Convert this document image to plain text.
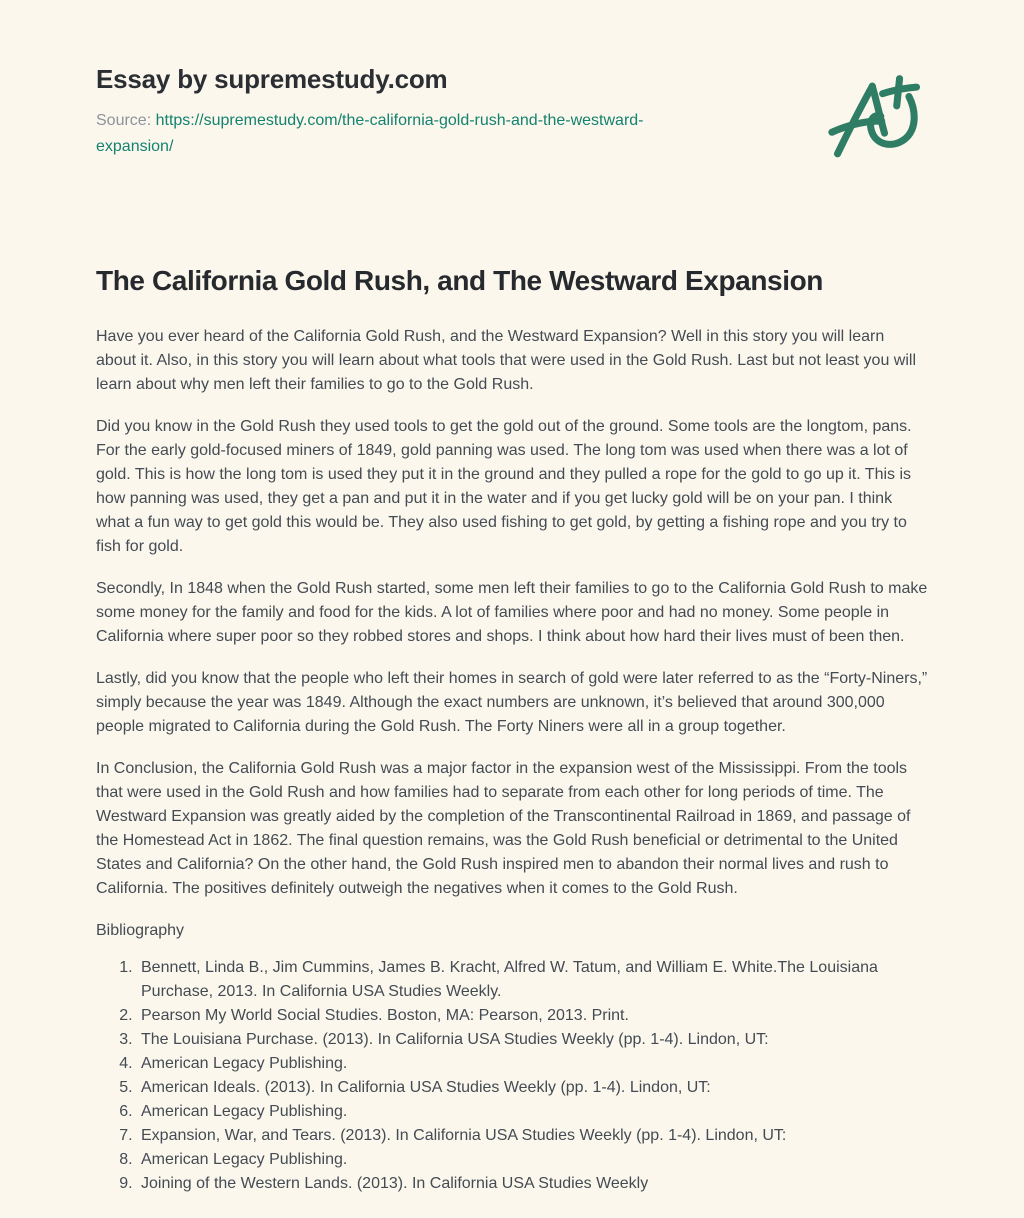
Essay by supremestudy.com
Source: https://supremestudy.com/the-california-gold-rush-and-the-westward-expansion/
The California Gold Rush, and The Westward Expansion

Have you ever heard of the California Gold Rush, and the Westward Expansion? Well in this story you will learn about it. Also, in this story you will learn about what tools that were used in the Gold Rush. Last but not least you will learn about why men left their families to go to the Gold Rush.

Did you know in the Gold Rush they used tools to get the gold out of the ground. Some tools are the longtom, pans. For the early gold-focused miners of 1849, gold panning was used. The long tom was used when there was a lot of gold. This is how the long tom is used they put it in the ground and they pulled a rope for the gold to go up it. This is how panning was used, they get a pan and put it in the water and if you get lucky gold will be on your pan. I think what a fun way to get gold this would be. They also used fishing to get gold, by getting a fishing rope and you try to fish for gold.

Secondly, In 1848 when the Gold Rush started, some men left their families to go to the California Gold Rush to make some money for the family and food for the kids. A lot of families where poor and had no money. Some people in California where super poor so they robbed stores and shops. I think about how hard their lives must of been then.

Lastly, did you know that the people who left their homes in search of gold were later referred to as the “Forty-Niners,” simply because the year was 1849. Although the exact numbers are unknown, it’s believed that around 300,000 people migrated to California during the Gold Rush. The Forty Niners were all in a group together.

In Conclusion, the California Gold Rush was a major factor in the expansion west of the Mississippi. From the tools that were used in the Gold Rush and how families had to separate from each other for long periods of time. The Westward Expansion was greatly aided by the completion of the Transcontinental Railroad in 1869, and passage of the Homestead Act in 1862. The final question remains, was the Gold Rush beneficial or detrimental to the United States and California? On the other hand, the Gold Rush inspired men to abandon their normal lives and rush to California. The positives definitely outweigh the negatives when it comes to the Gold Rush.

Bibliography
1. Bennett, Linda B., Jim Cummins, James B. Kracht, Alfred W. Tatum, and William E. White.The Louisiana Purchase, 2013. In California USA Studies Weekly.
2. Pearson My World Social Studies. Boston, MA: Pearson, 2013. Print.
3. The Louisiana Purchase. (2013). In California USA Studies Weekly (pp. 1-4). Lindon, UT:
4. American Legacy Publishing.
5. American Ideals. (2013). In California USA Studies Weekly (pp. 1-4). Lindon, UT:
6. American Legacy Publishing.
7. Expansion, War, and Tears. (2013). In California USA Studies Weekly (pp. 1-4). Lindon, UT:
8. American Legacy Publishing.
9. Joining of the Western Lands. (2013). In California USA Studies Weekly
